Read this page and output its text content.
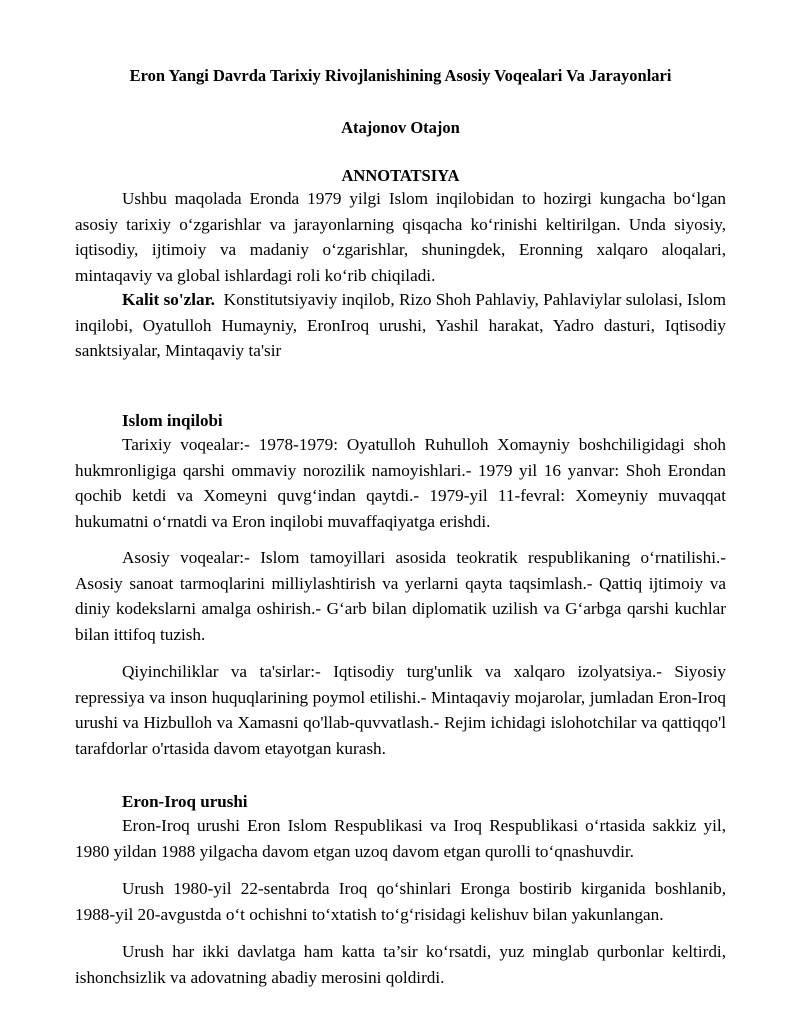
Eron Yangi Davrda Tarixiy Rivojlanishining Asosiy Voqealari Va Jarayonlari
Atajonov Otajon
ANNOTATSIYA

Ushbu maqolada Eronda 1979 yilgi Islom inqilobidan to hozirgi kungacha bo‘lgan asosiy tarixiy o‘zgarishlar va jarayonlarning qisqacha ko‘rinishi keltirilgan. Unda siyosiy, iqtisodiy, ijtimoiy va madaniy o‘zgarishlar, shuningdek, Eronning xalqaro aloqalari, mintaqaviy va global ishlardagi roli ko‘rib chiqiladi.

Kalit so'zlar. Konstitutsiyaviy inqilob, Rizo Shoh Pahlaviy, Pahlaviylar sulolasi, Islom inqilobi, Oyatulloh Humayniy, EronIroq urushi, Yashil harakat, Yadro dasturi, Iqtisodiy sanktsiyalar, Mintaqaviy ta'sir

Islom inqilobi

Tarixiy voqealar:- 1978-1979: Oyatulloh Ruhulloh Xomayniy boshchiligidagi shoh hukmronligiga qarshi ommaviy norozilik namoyishlari.- 1979 yil 16 yanvar: Shoh Erondan qochib ketdi va Xomeyni quvg‘indan qaytdi.- 1979-yil 11-fevral: Xomeyniy muvaqqat hukumatni o‘rnatdi va Eron inqilobi muvaffaqiyatga erishdi.

Asosiy voqealar:- Islom tamoyillari asosida teokratik respublikaning o‘rnatilishi.- Asosiy sanoat tarmoqlarini milliylashtirish va yerlarni qayta taqsimlash.- Qattiq ijtimoiy va diniy kodekslarni amalga oshirish.- G‘arb bilan diplomatik uzilish va G‘arbga qarshi kuchlar bilan ittifoq tuzish.

Qiyinchiliklar va ta'sirlar:- Iqtisodiy turg'unlik va xalqaro izolyatsiya.- Siyosiy repressiya va inson huquqlarining poymol etilishi.- Mintaqaviy mojarolar, jumladan Eron-Iroq urushi va Hizbulloh va Xamasni qo'llab-quvvatlash.- Rejim ichidagi islohotchilar va qattiqqo'l tarafdorlar o'rtasida davom etayotgan kurash.

Eron-Iroq urushi

Eron-Iroq urushi Eron Islom Respublikasi va Iroq Respublikasi o‘rtasida sakkiz yil, 1980 yildan 1988 yilgacha davom etgan uzoq davom etgan qurolli to‘qnashuvdir.

Urush 1980-yil 22-sentabrda Iroq qo‘shinlari Eronga bostirib kirganida boshlanib, 1988-yil 20-avgustda o‘t ochishni to‘xtatish to‘g‘risidagi kelishuv bilan yakunlangan.

Urush har ikki davlatga ham katta ta’sir ko‘rsatdi, yuz minglab qurbonlar keltirdi, ishonchsizlik va adovatning abadiy merosini qoldirdi.
